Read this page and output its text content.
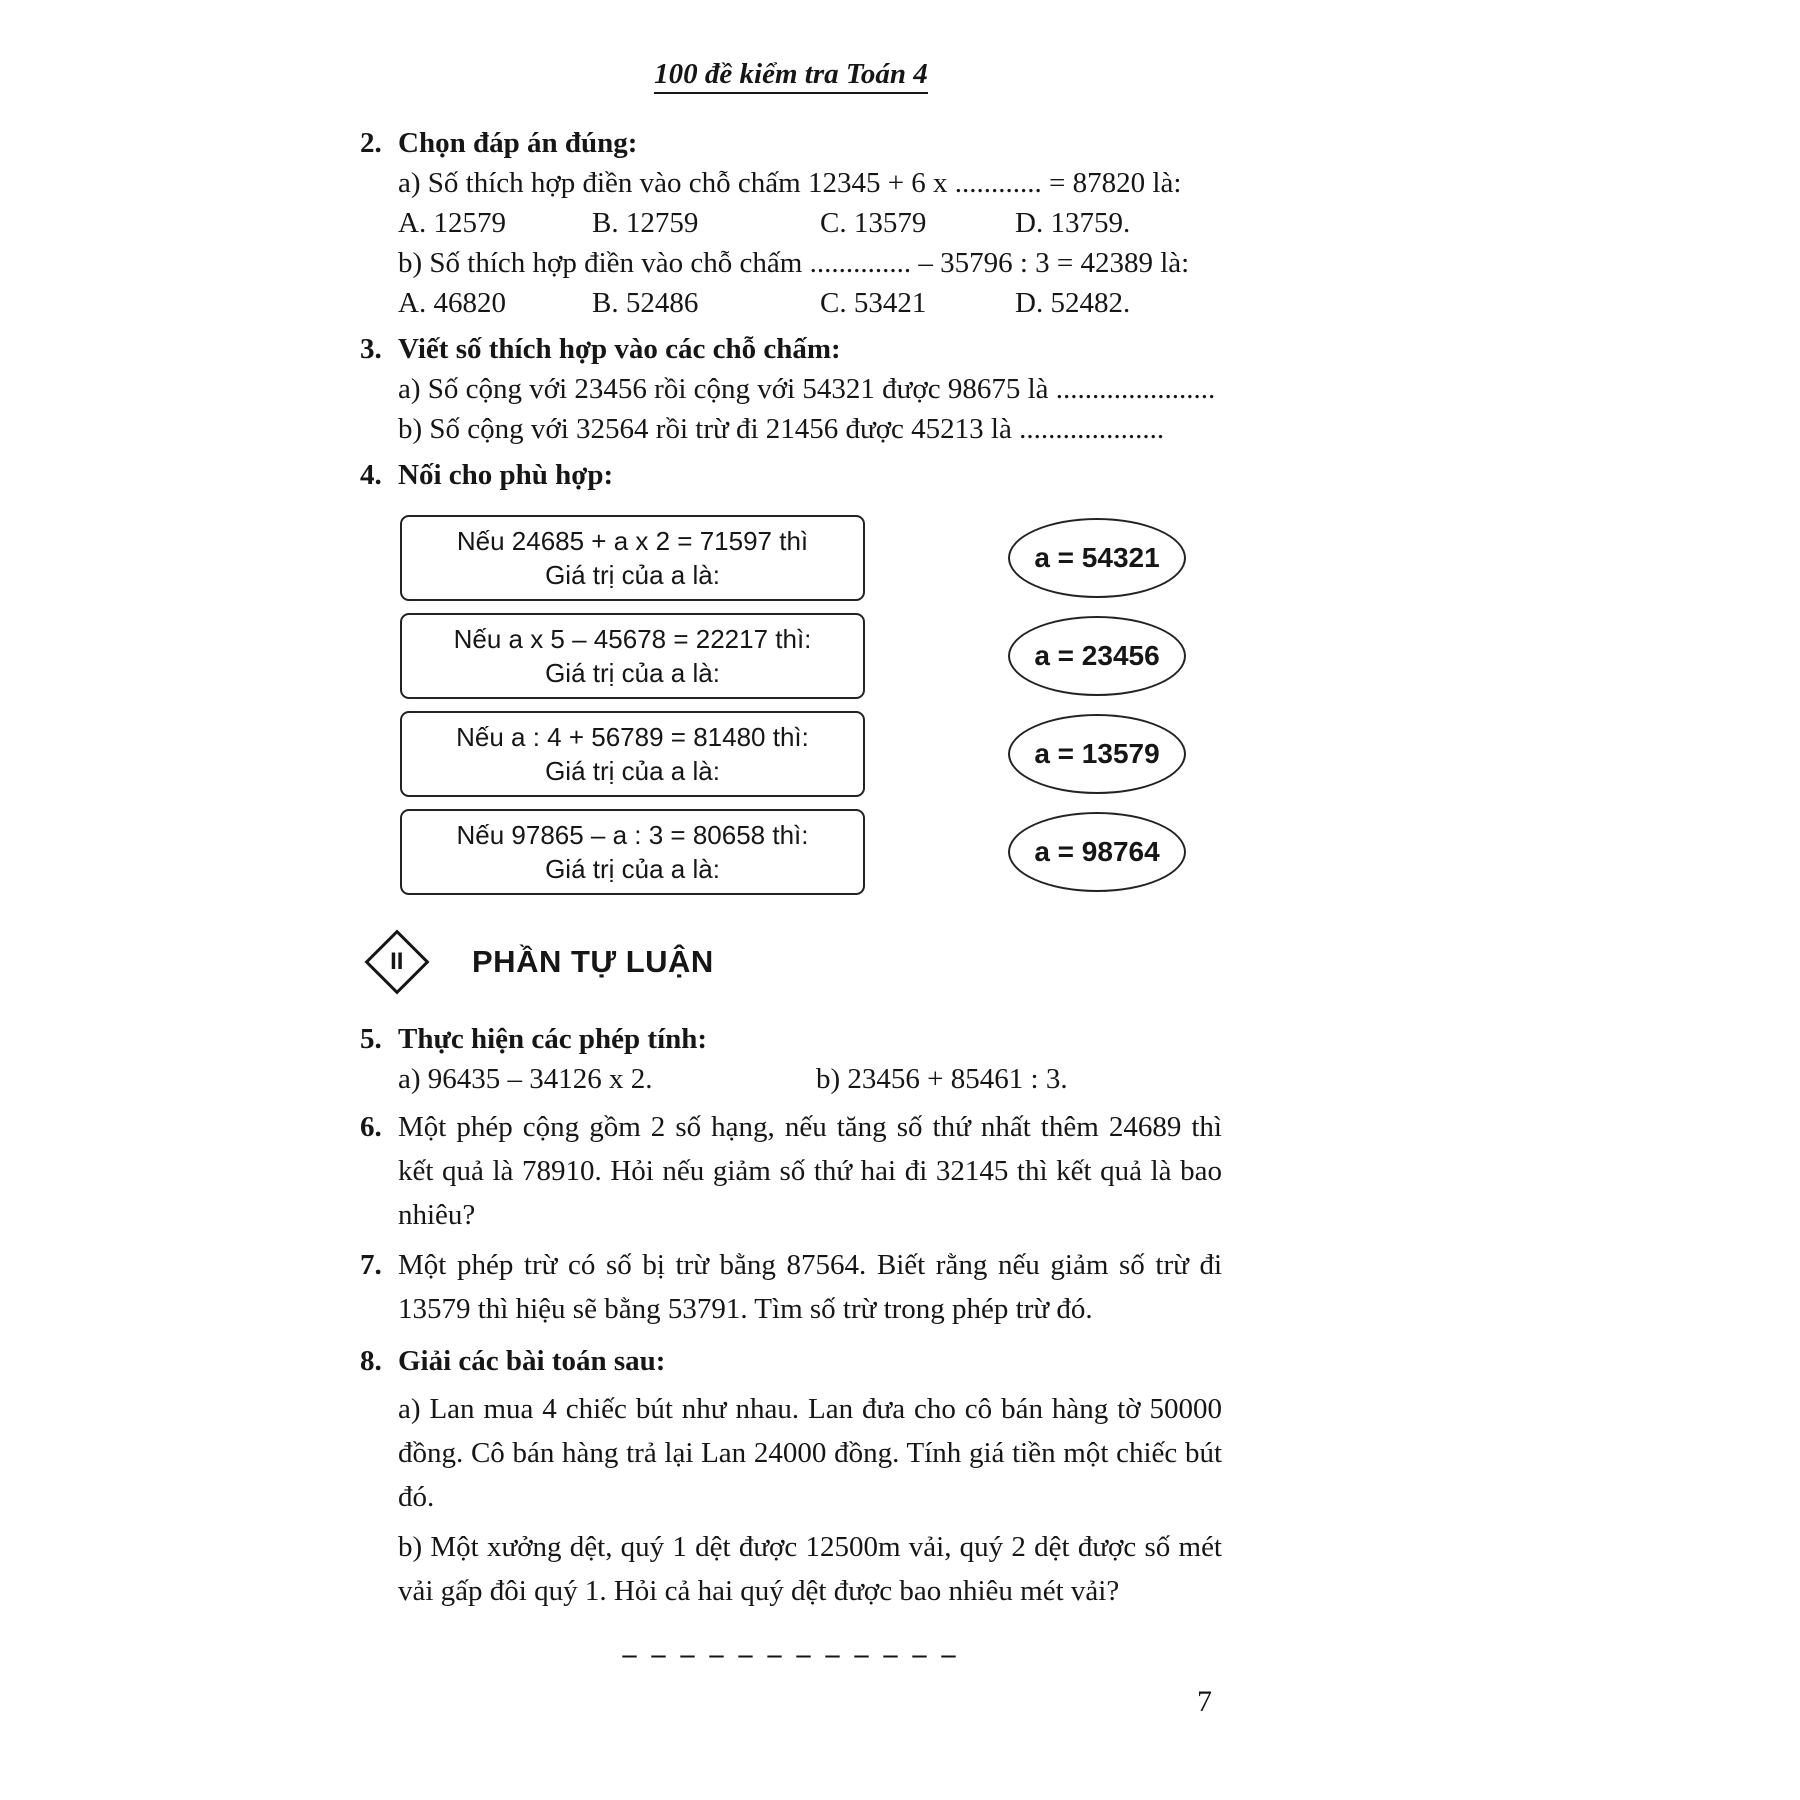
100 đề kiểm tra Toán 4
2. Chọn đáp án đúng:
a) Số thích hợp điền vào chỗ chấm 12345 + 6 x ............ = 87820 là:
A. 12579	B. 12759	C. 13579	D. 13759.
b) Số thích hợp điền vào chỗ chấm .............. – 35796 : 3 = 42389 là:
A. 46820	B. 52486	C. 53421	D. 52482.
3. Viết số thích hợp vào các chỗ chấm:
a) Số cộng với 23456 rồi cộng với 54321 được 98675 là ......................
b) Số cộng với 32564 rồi trừ đi 21456 được 45213 là ....................
4. Nối cho phù hợp:
Nếu 24685 + a x 2 = 71597 thì
Giá trị của a là:
a = 54321
Nếu a x 5 – 45678 = 22217 thì:
Giá trị của a là:
a = 23456
Nếu a : 4 + 56789 = 81480 thì:
Giá trị của a là:
a = 13579
Nếu 97865 – a : 3 = 80658 thì:
Giá trị của a là:
a = 98764
II PHẦN TỰ LUẬN
5. Thực hiện các phép tính:
a) 96435 – 34126 x 2.	b) 23456 + 85461 : 3.
6. Một phép cộng gồm 2 số hạng, nếu tăng số thứ nhất thêm 24689 thì kết quả là 78910. Hỏi nếu giảm số thứ hai đi 32145 thì kết quả là bao nhiêu?
7. Một phép trừ có số bị trừ bằng 87564. Biết rằng nếu giảm số trừ đi 13579 thì hiệu sẽ bằng 53791. Tìm số trừ trong phép trừ đó.
8. Giải các bài toán sau:
a) Lan mua 4 chiếc bút như nhau. Lan đưa cho cô bán hàng tờ 50000 đồng. Cô bán hàng trả lại Lan 24000 đồng. Tính giá tiền một chiếc bút đó.
b) Một xưởng dệt, quý 1 dệt được 12500m vải, quý 2 dệt được số mét vải gấp đôi quý 1. Hỏi cả hai quý dệt được bao nhiêu mét vải?
– – – – – – – – – – – –
7
